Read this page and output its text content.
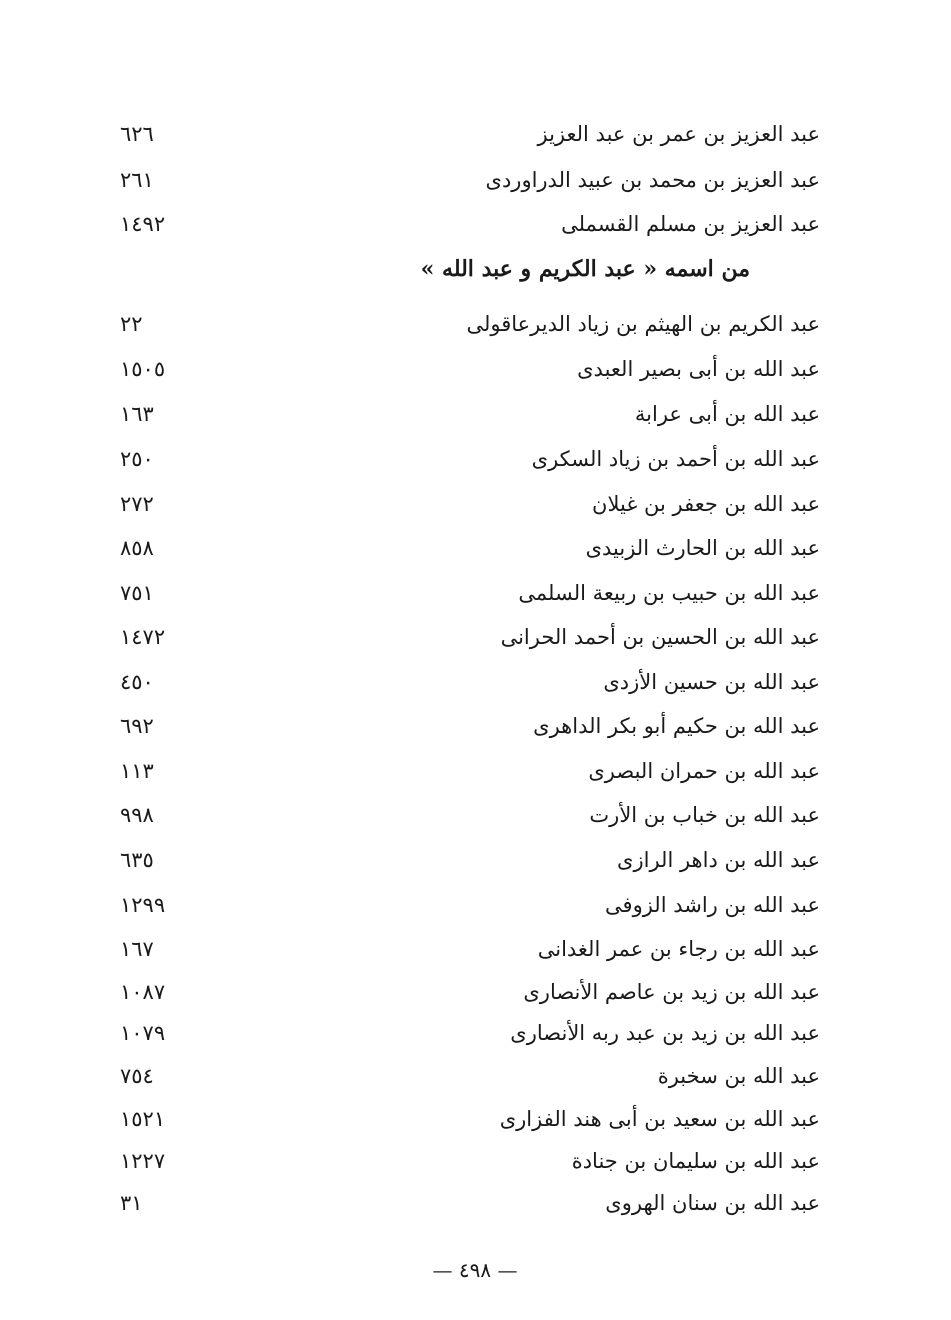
عبد العزيز بن عمر بن عبد العزيز
٦٢٦
عبد العزيز بن محمد بن عبيد الدراوردى
٢٦١
عبد العزيز بن مسلم القسملى
١٤٩٢
من اسمه « عبد الكريم و عبد الله »
عبد الكريم بن الهيثم بن زياد الديرعاقولى
٢٢
عبد الله بن أبى بصير العبدى
١٥٠٥
عبد الله بن أبى عرابة
١٦٣
عبد الله بن أحمد بن زياد السكرى
٢٥٠
عبد الله بن جعفر بن غيلان
٢٧٢
عبد الله بن الحارث الزبيدى
٨٥٨
عبد الله بن حبيب بن ربيعة السلمى
٧٥١
عبد الله بن الحسين بن أحمد الحرانى
١٤٧٢
عبد الله بن حسين الأزدى
٤٥٠
عبد الله بن حكيم أبو بكر الداهرى
٦٩٢
عبد الله بن حمران البصرى
١١٣
عبد الله بن خباب بن الأرت
٩٩٨
عبد الله بن داهر الرازى
٦٣٥
عبد الله بن راشد الزوفى
١٢٩٩
عبد الله بن رجاء بن عمر الغدانى
١٦٧
عبد الله بن زيد بن عاصم الأنصارى
١٠٨٧
عبد الله بن زيد بن عبد ربه الأنصارى
١٠٧٩
عبد الله بن سخبرة
٧٥٤
عبد الله بن سعيد بن أبى هند الفزارى
١٥٢١
عبد الله بن سليمان بن جنادة
١٢٢٧
عبد الله بن سنان الهروى
٣١
— ٤٩٨ —
